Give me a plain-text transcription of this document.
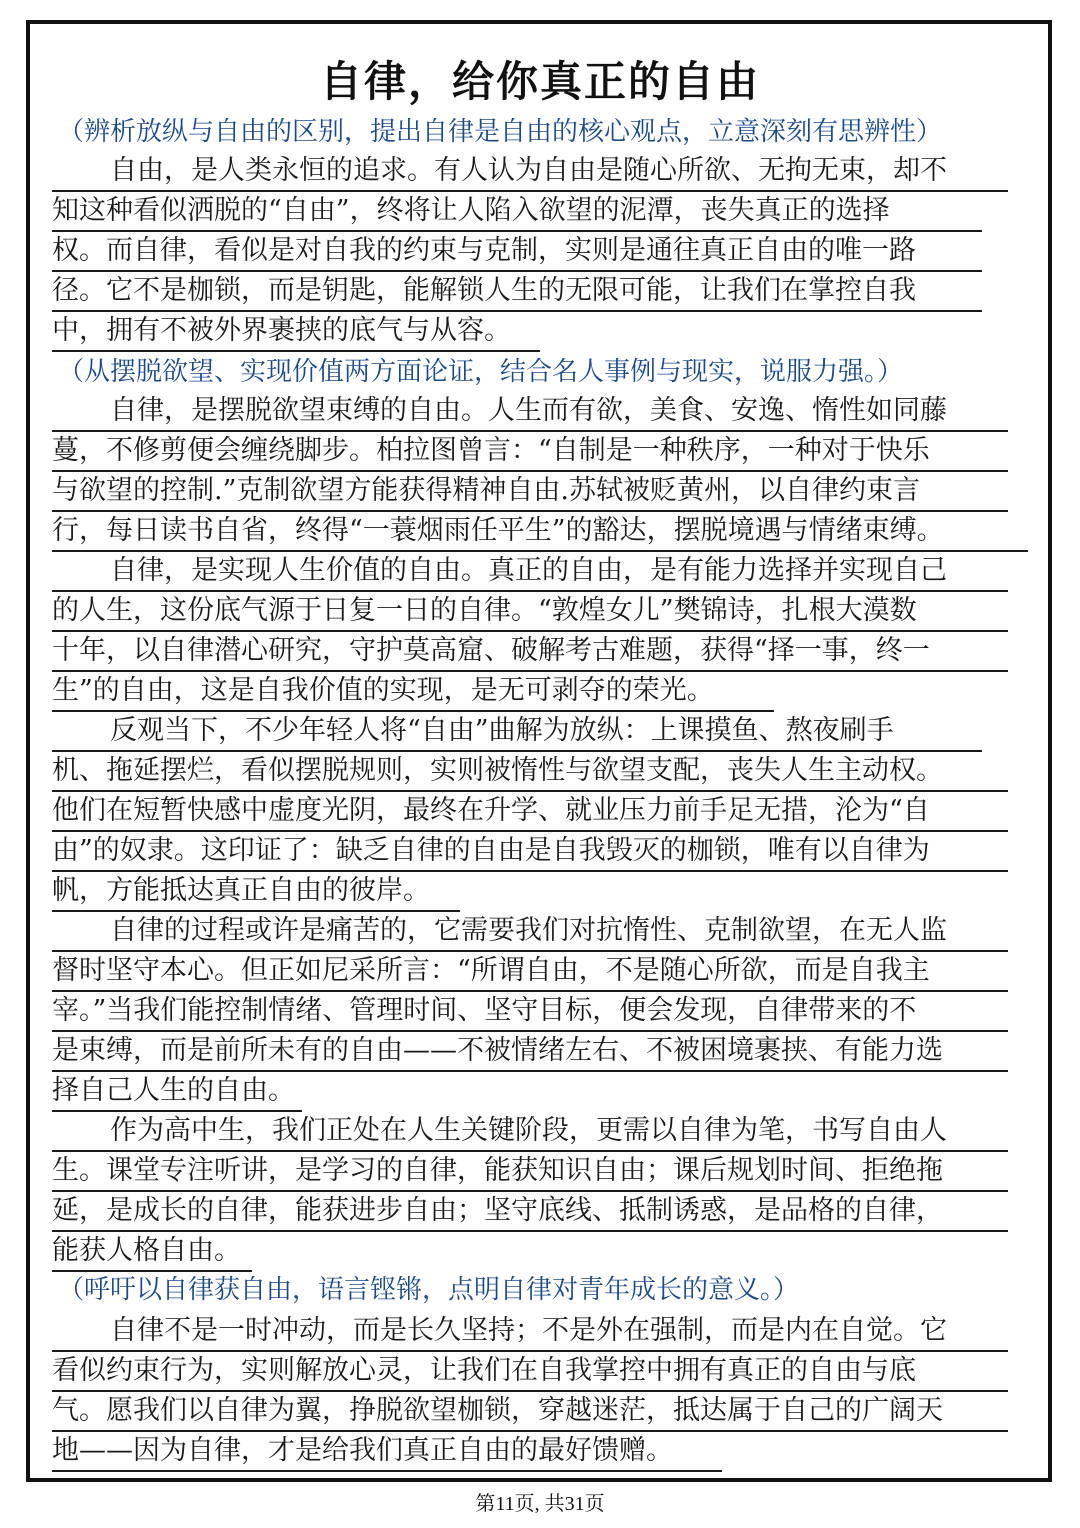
自律，给你真正的自由
（辨析放纵与自由的区别，提出自律是自由的核心观点，立意深刻有思辨性）
（从摆脱欲望、实现价值两方面论证，结合名人事例与现实，说服力强。）
（呼吁以自律获自由，语言铿锵，点明自律对青年成长的意义。）
自由，是人类永恒的追求。有人认为自由是随心所欲、无拘无束，却不
知这种看似洒脱的“自由”，终将让人陷入欲望的泥潭，丧失真正的选择
权。而自律，看似是对自我的约束与克制，实则是通往真正自由的唯一路
径。它不是枷锁，而是钥匙，能解锁人生的无限可能，让我们在掌控自我
中，拥有不被外界裹挟的底气与从容。
自律，是摆脱欲望束缚的自由。人生而有欲，美食、安逸、惰性如同藤
蔓，不修剪便会缠绕脚步。柏拉图曾言：“自制是一种秩序，一种对于快乐
与欲望的控制.”克制欲望方能获得精神自由.苏轼被贬黄州，以自律约束言
行，每日读书自省，终得“一蓑烟雨任平生”的豁达，摆脱境遇与情绪束缚。
自律，是实现人生价值的自由。真正的自由，是有能力选择并实现自己
的人生，这份底气源于日复一日的自律。“敦煌女儿”樊锦诗，扎根大漠数
十年，以自律潜心研究，守护莫高窟、破解考古难题，获得“择一事，终一
生”的自由，这是自我价值的实现，是无可剥夺的荣光。
反观当下，不少年轻人将“自由”曲解为放纵：上课摸鱼、熬夜刷手
机、拖延摆烂，看似摆脱规则，实则被惰性与欲望支配，丧失人生主动权。
他们在短暂快感中虚度光阴，最终在升学、就业压力前手足无措，沦为“自
由”的奴隶。这印证了：缺乏自律的自由是自我毁灭的枷锁，唯有以自律为
帆，方能抵达真正自由的彼岸。
自律的过程或许是痛苦的，它需要我们对抗惰性、克制欲望，在无人监
督时坚守本心。但正如尼采所言：“所谓自由，不是随心所欲，而是自我主
宰。”当我们能控制情绪、管理时间、坚守目标，便会发现，自律带来的不
是束缚，而是前所未有的自由——不被情绪左右、不被困境裹挟、有能力选
择自己人生的自由。
作为高中生，我们正处在人生关键阶段，更需以自律为笔，书写自由人
生。课堂专注听讲，是学习的自律，能获知识自由；课后规划时间、拒绝拖
延，是成长的自律，能获进步自由；坚守底线、抵制诱惑，是品格的自律，
能获人格自由。
自律不是一时冲动，而是长久坚持；不是外在强制，而是内在自觉。它
看似约束行为，实则解放心灵，让我们在自我掌控中拥有真正的自由与底
气。愿我们以自律为翼，挣脱欲望枷锁，穿越迷茫，抵达属于自己的广阔天
地——因为自律，才是给我们真正自由的最好馈赠。
第11页, 共31页
